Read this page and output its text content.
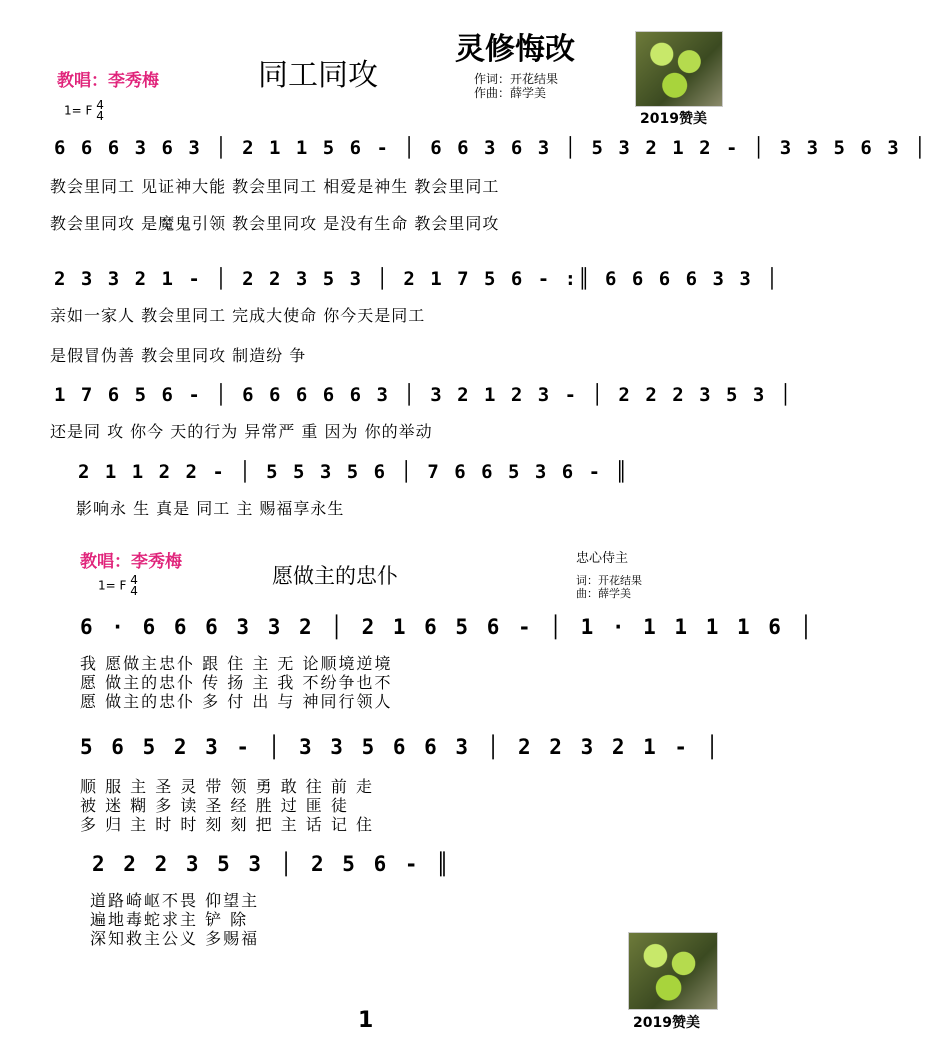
教唱：李秀梅	同工同攻
灵修悔改
作词：开花结果
作曲：薛学美
1= F 4
4	2019赞美
6 6 6 3 6 3 │ 2 1 1 5 6 - │ 6 6 3 6 3 │ 5 3 2 1 2 - │ 3 3 5 6 3 │
教会里同工 见证神大能 教会里同工 相爱是神生 教会里同工
教会里同攻 是魔鬼引领 教会里同攻 是没有生命 教会里同攻
2 3 3 2 1 - │ 2 2 3 5 3 │ 2 1 7 5 6 - :║ 6 6 6 6 3 3 │
亲如一家人 教会里同工 完成大使命 你今天是同工
是假冒伪善 教会里同攻 制造纷 争
1 7 6 5 6 - │ 6 6 6 6 6 3 │ 3 2 1 2 3 - │ 2 2 2 3 5 3 │
还是同 攻 你今 天的行为 异常严 重 因为 你的举动
2 1 1 2 2 - │ 5 5 3 5 6 │ 7 6 6 5 3 6 - ║
影响永 生 真是 同工 主 赐福享永生
教唱：李秀梅
愿做主的忠仆
忠心侍主
词：开花结果
曲：薛学美
1= F 4
4
6 · 6 6 6 3 3 2 │ 2 1 6 5 6 - │ 1 · 1 1 1 1 6 │
我 愿做主忠仆 跟 住 主 无 论顺境逆境
愿 做主的忠仆 传 扬 主 我 不纷争也不
愿 做主的忠仆 多 付 出 与 神同行领人
5 6 5 2 3 - │ 3 3 5 6 6 3 │ 2 2 3 2 1 - │
顺 服 主 圣 灵 带 领 勇 敢 往 前 走
被 迷 糊 多 读 圣 经 胜 过 匪 徒
多 归 主 时 时 刻 刻 把 主 话 记 住
2 2 2 3 5 3 │ 2 5 6 - ║
道路崎岖不畏 仰望主
遍地毒蛇求主 铲 除
深知救主公义 多赐福
2019赞美
1
